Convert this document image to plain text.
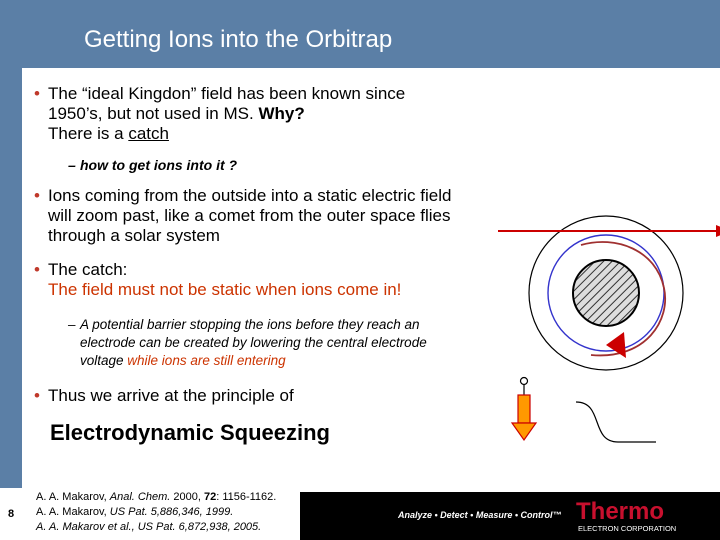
Getting Ions into the Orbitrap
• The “ideal Kingdon” field has been known since
1950’s, but not used in MS. Why?
There is a catch
– how to get ions into it ?
• Ions coming from the outside into a static electric field
will zoom past, like a comet from the outer space flies
through a solar system
• The catch:
The field must not be static when ions come in!
– A potential barrier stopping the ions before they reach an
electrode can be created by lowering the central electrode
voltage while ions are still entering
• Thus we arrive at the principle of
Electrodynamic Squeezing
8
A. A. Makarov, Anal. Chem. 2000, 72: 1156-1162.
A. A. Makarov, US Pat. 5,886,346, 1999.
A. A. Makarov et al., US Pat. 6,872,938, 2005.
Analyze • Detect • Measure • Control™ Thermo
ELECTRON CORPORATION
